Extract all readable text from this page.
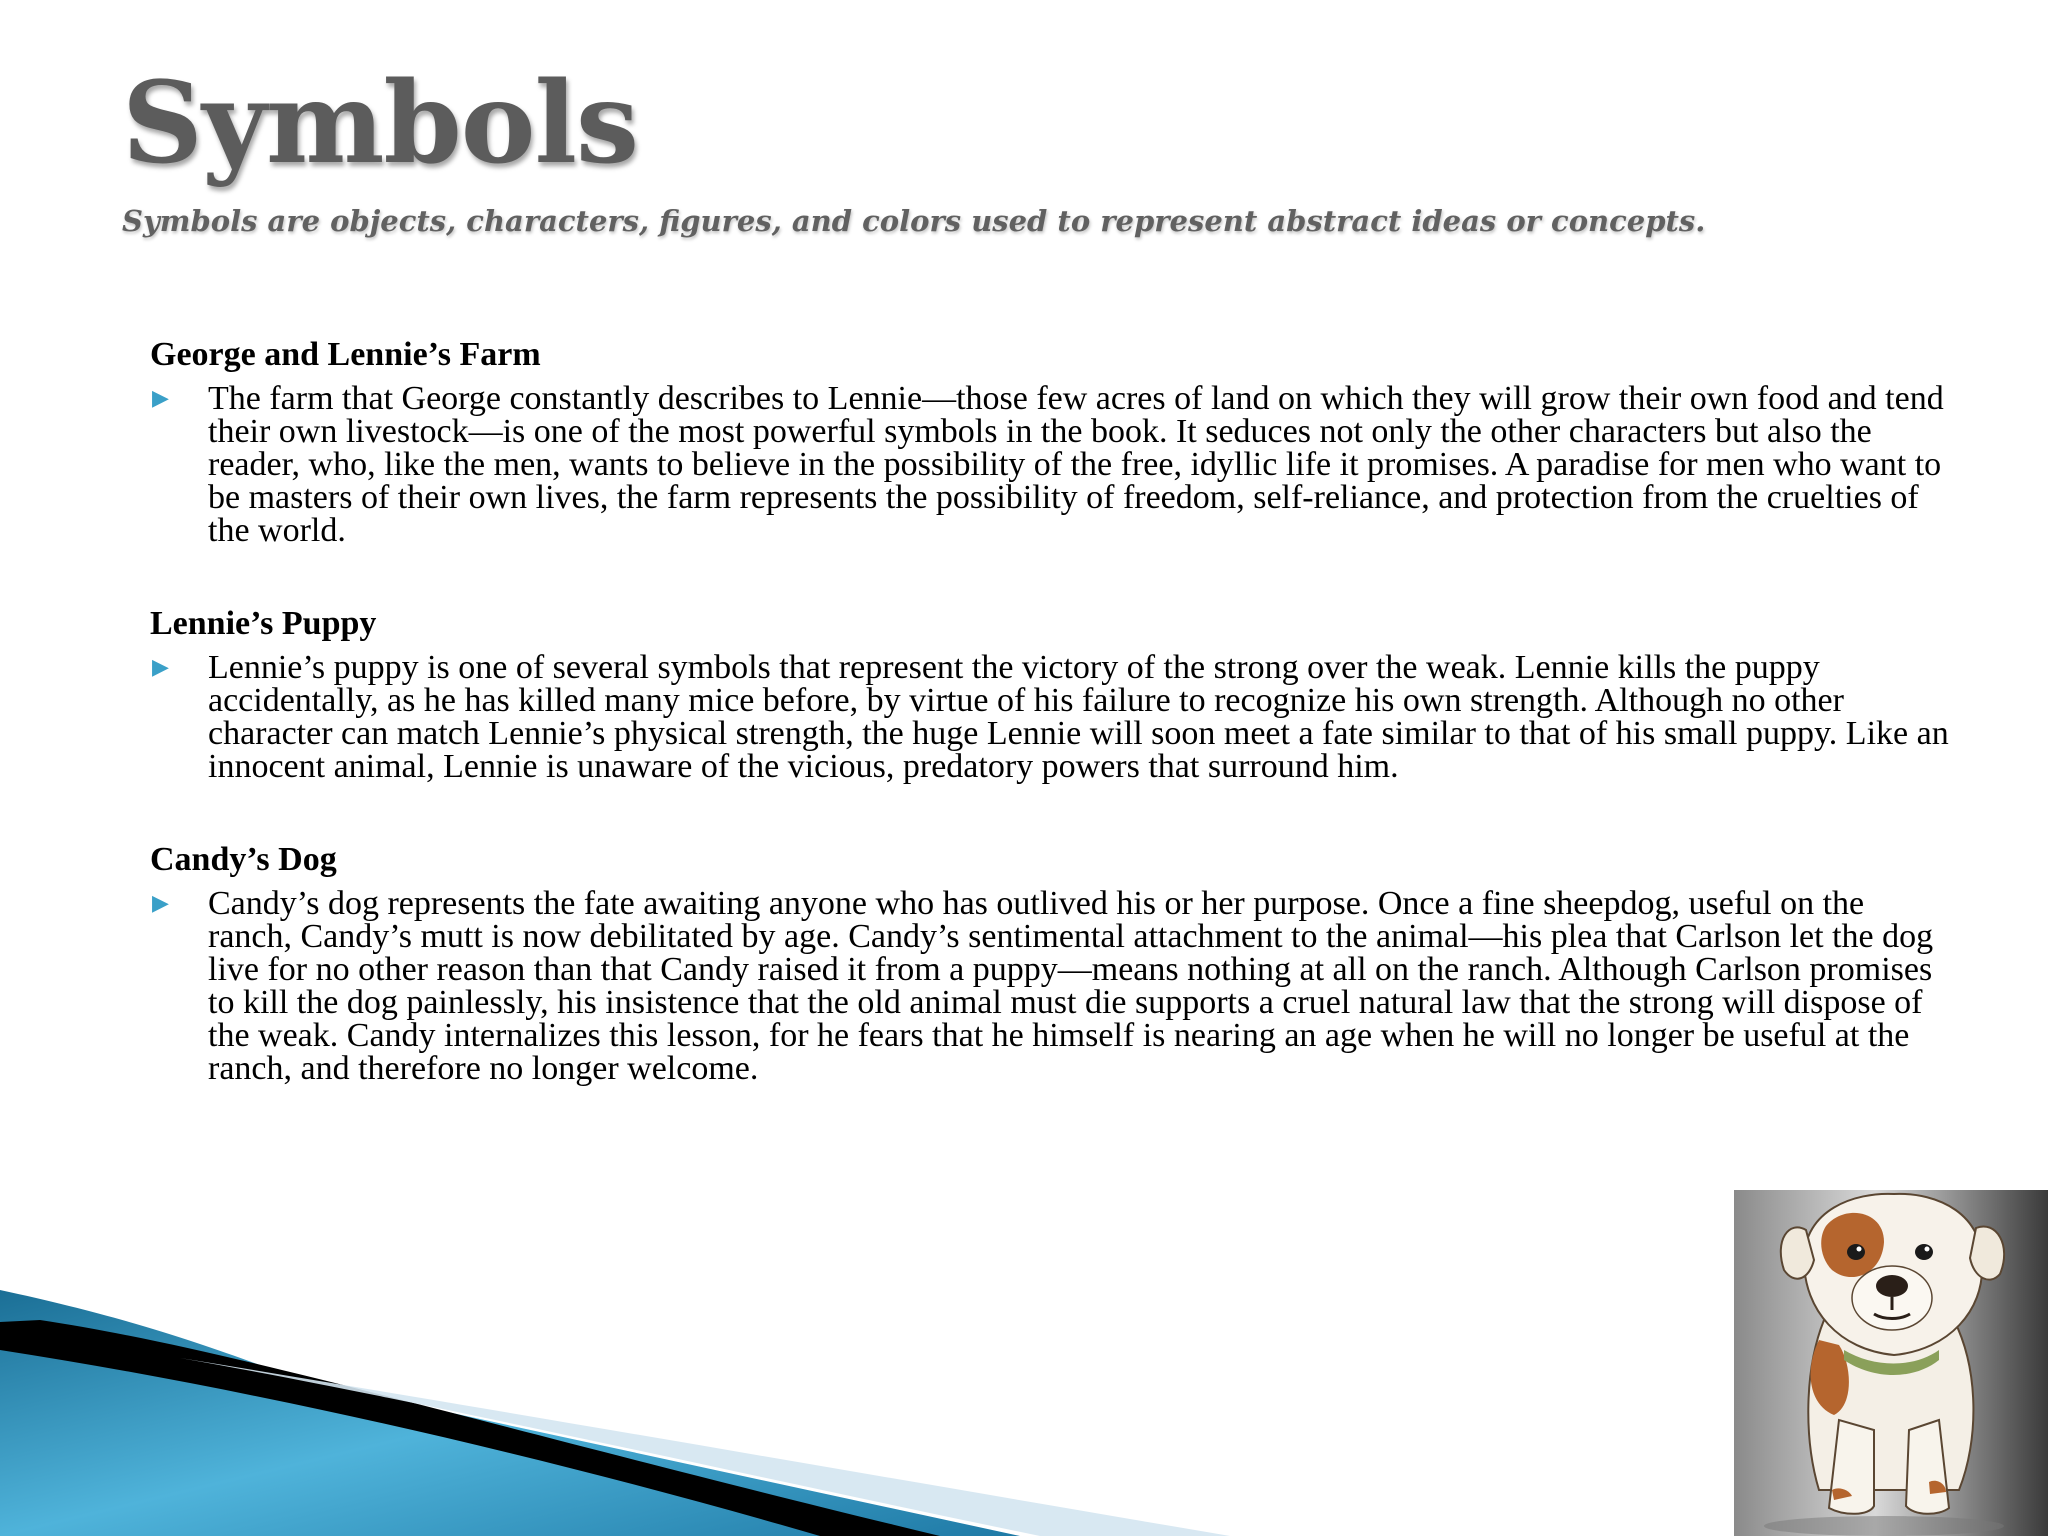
Symbols

Symbols are objects, characters, figures, and colors used to represent abstract ideas or concepts.

George and Lennie’s Farm

▶ The farm that George constantly describes to Lennie—those few acres of land on which they will grow their own food and tend their own livestock—is one of the most powerful symbols in the book. It seduces not only the other characters but also the reader, who, like the men, wants to believe in the possibility of the free, idyllic life it promises. A paradise for men who want to be masters of their own lives, the farm represents the possibility of freedom, self-reliance, and protection from the cruelties of the world.

Lennie’s Puppy

▶ Lennie’s puppy is one of several symbols that represent the victory of the strong over the weak. Lennie kills the puppy accidentally, as he has killed many mice before, by virtue of his failure to recognize his own strength. Although no other character can match Lennie’s physical strength, the huge Lennie will soon meet a fate similar to that of his small puppy. Like an innocent animal, Lennie is unaware of the vicious, predatory powers that surround him.

Candy’s Dog

▶ Candy’s dog represents the fate awaiting anyone who has outlived his or her purpose. Once a fine sheepdog, useful on the ranch, Candy’s mutt is now debilitated by age. Candy’s sentimental attachment to the animal—his plea that Carlson let the dog live for no other reason than that Candy raised it from a puppy—means nothing at all on the ranch. Although Carlson promises to kill the dog painlessly, his insistence that the old animal must die supports a cruel natural law that the strong will dispose of the weak. Candy internalizes this lesson, for he fears that he himself is nearing an age when he will no longer be useful at the ranch, and therefore no longer welcome.
